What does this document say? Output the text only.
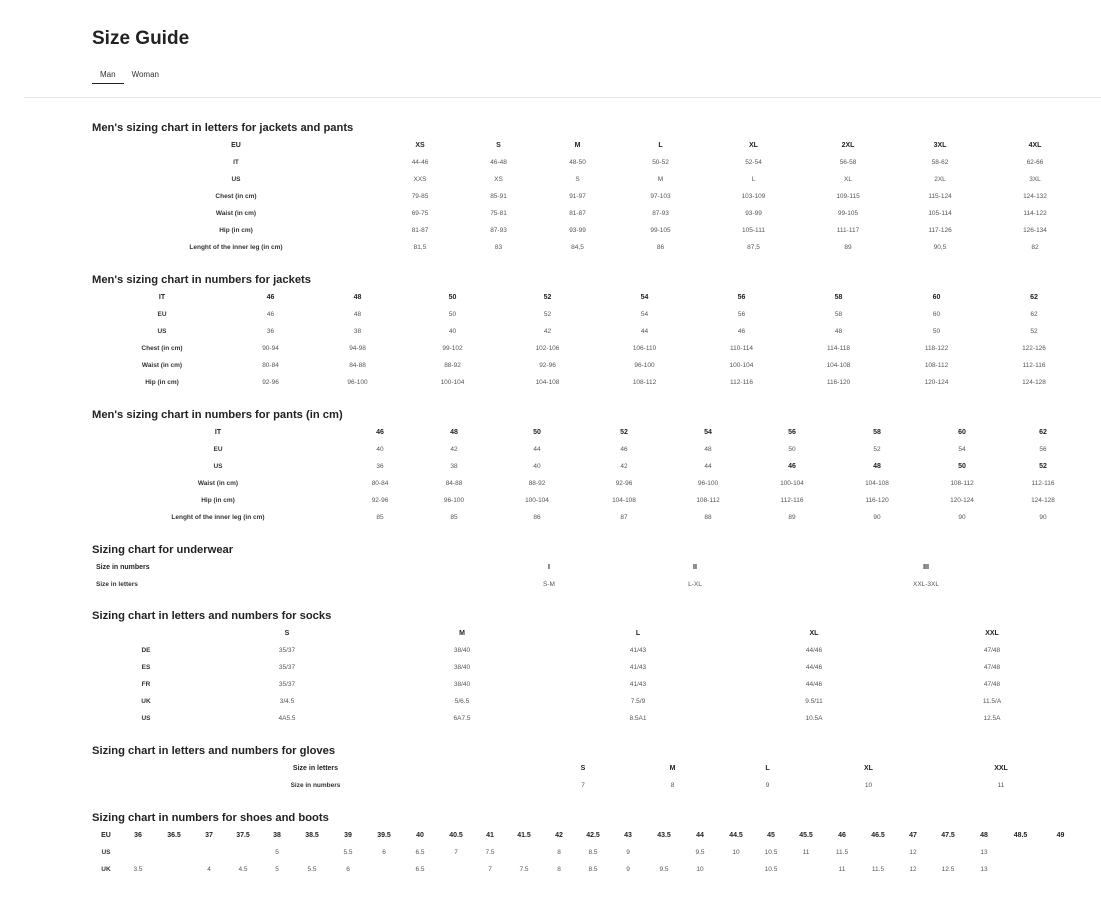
Size Guide
Man	Woman
Men's sizing chart in letters for jackets and pants
EU	XS	S	M	L	XL	2XL	3XL	4XL
IT	44-46	46-48	48-50	50-52	52-54	56-58	58-62	62-66
US	XXS	XS	S	M	L	XL	2XL	3XL
Chest (in cm)	79-85	85-91	91-97	97-103	103-109	109-115	115-124	124-132
Waist (in cm)	69-75	75-81	81-87	87-93	93-99	99-105	105-114	114-122
Hip (in cm)	81-87	87-93	93-99	99-105	105-111	111-117	117-126	126-134
Lenght of the inner leg (in cm)	81,5	83	84,5	86	87,5	89	90,5	82
Men's sizing chart in numbers for jackets
IT	46	48	50	52	54	56	58	60	62
EU	46	48	50	52	54	56	58	60	62
US	36	38	40	42	44	46	48	50	52
Chest (in cm)	90-94	94-98	99-102	102-106	106-110	110-114	114-118	118-122	122-126
Waist (in cm)	80-84	84-88	88-92	92-96	96-100	100-104	104-108	108-112	112-116
Hip (in cm)	92-96	96-100	100-104	104-108	108-112	112-116	116-120	120-124	124-128
Men's sizing chart in numbers for pants (in cm)
IT	46	48	50	52	54	56	58	60	62
EU	40	42	44	46	48	50	52	54	56
US	36	38	40	42	44	46	48	50	52
Waist (in cm)	80-84	84-88	88-92	92-96	96-100	100-104	104-108	108-112	112-116
Hip (in cm)	92-96	96-100	100-104	104-108	108-112	112-116	116-120	120-124	124-128
Lenght of the inner leg (in cm)	85	85	86	87	88	89	90	90	90
Sizing chart for underwear
Size in numbers	I	II	III
Size in letters	S-M	L-XL	XXL-3XL
Sizing chart in letters and numbers for socks
	S	M	L	XL	XXL
DE	35/37	38/40	41/43	44/46	47/48
ES	35/37	38/40	41/43	44/46	47/48
FR	35/37	38/40	41/43	44/46	47/48
UK	3/4.5	5/6.5	7.5/9	9.5/11	11.5/A
US	4A5.5	6A7.5	8.5A1	10.5A	12.5A
Sizing chart in letters and numbers for gloves
Size in letters	S	M	L	XL	XXL
Size in numbers	7	8	9	10	11
Sizing chart in numbers for shoes and boots
EU	36	36.5	37	37.5	38	38.5	39	39.5	40	40.5	41	41.5	42	42.5	43	43.5	44	44.5	45	45.5	46	46.5	47	47.5	48	48.5	49
US					5		5.5	6	6.5	7	7.5		8	8.5	9		9.5	10	10.5	11	11.5		12		13		
UK	3.5		4	4.5	5	5.5	6		6.5		7	7.5	8	8.5	9	9.5	10		10.5		11	11.5	12	12.5	13		
